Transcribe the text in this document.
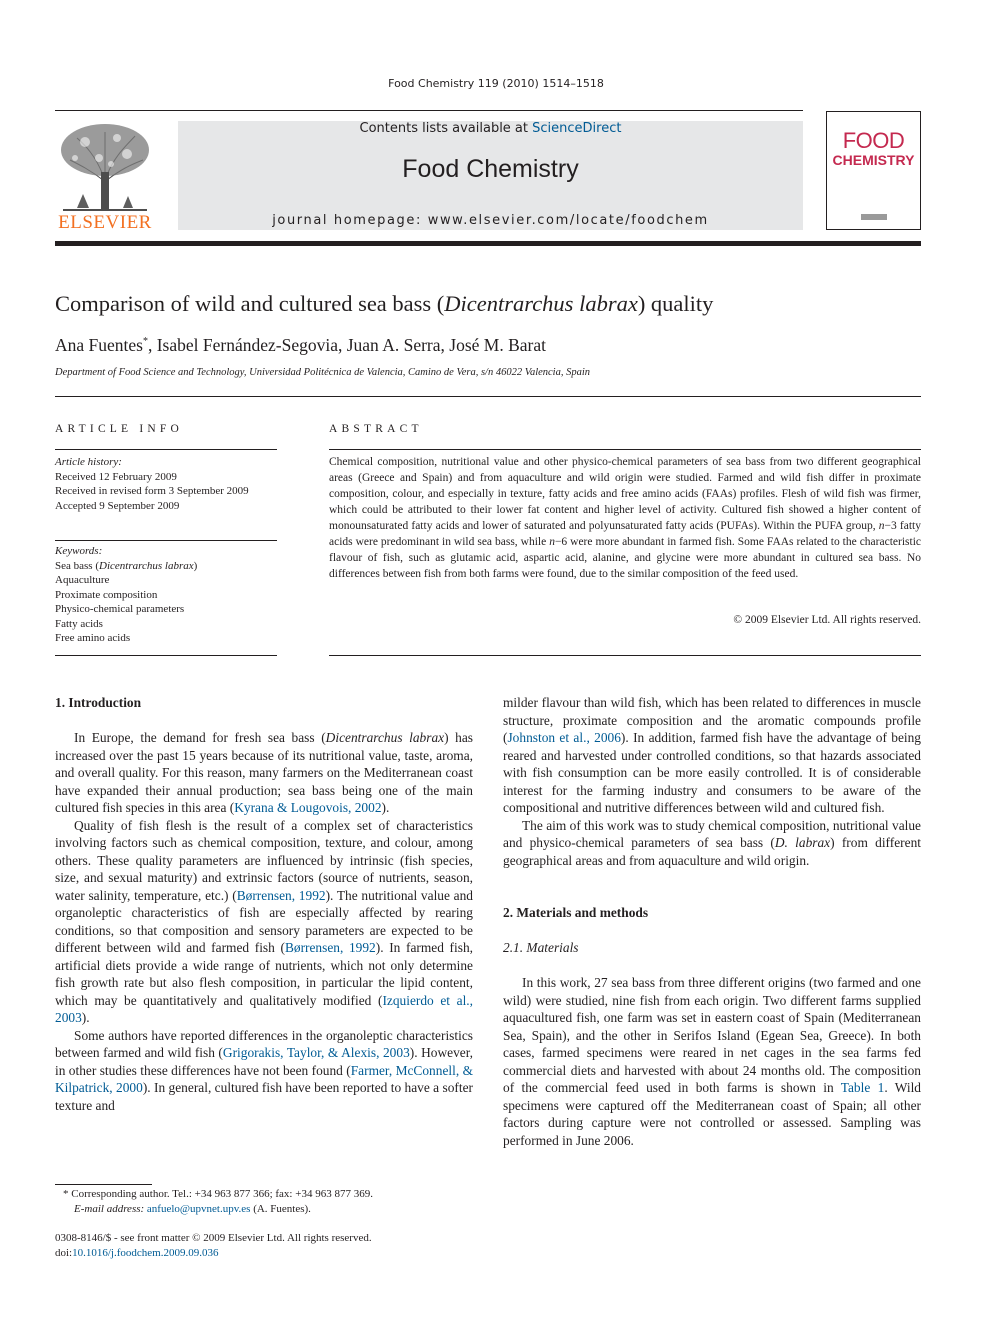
Food Chemistry 119 (2010) 1514–1518
ELSEVIER
Contents lists available at ScienceDirect
Food Chemistry
journal homepage: www.elsevier.com/locate/foodchem
FOOD
CHEMISTRY
Comparison of wild and cultured sea bass (Dicentrarchus labrax) quality
Ana Fuentes*, Isabel Fernández-Segovia, Juan A. Serra, José M. Barat
Department of Food Science and Technology, Universidad Politécnica de Valencia, Camino de Vera, s/n 46022 Valencia, Spain
ARTICLE INFO
Article history:
Received 12 February 2009
Received in revised form 3 September 2009
Accepted 9 September 2009
Keywords:
Sea bass (Dicentrarchus labrax)
Aquaculture
Proximate composition
Physico-chemical parameters
Fatty acids
Free amino acids
ABSTRACT
Chemical composition, nutritional value and other physico-chemical parameters of sea bass from two different geographical areas (Greece and Spain) and from aquaculture and wild origin were studied. Farmed and wild fish differ in proximate composition, colour, and especially in texture, fatty acids and free amino acids (FAAs) profiles. Flesh of wild fish was firmer, which could be attributed to their lower fat content and higher level of activity. Cultured fish showed a higher content of monounsaturated fatty acids and lower of saturated and polyunsaturated fatty acids (PUFAs). Within the PUFA group, n−3 fatty acids were predominant in wild sea bass, while n−6 were more abundant in farmed fish. Some FAAs related to the characteristic flavour of fish, such as glutamic acid, aspartic acid, alanine, and glycine were more abundant in cultured sea bass. No differences between fish from both farms were found, due to the similar composition of the feed used.
© 2009 Elsevier Ltd. All rights reserved.

1. Introduction

In Europe, the demand for fresh sea bass (Dicentrarchus labrax) has increased over the past 15 years because of its nutritional value, taste, aroma, and overall quality. For this reason, many farmers on the Mediterranean coast have expanded their annual production; sea bass being one of the main cultured fish species in this area (Kyrana & Lougovois, 2002).

Quality of fish flesh is the result of a complex set of characteristics involving factors such as chemical composition, texture, and colour, among others. These quality parameters are influenced by intrinsic (fish species, size, and sexual maturity) and extrinsic factors (source of nutrients, season, water salinity, temperature, etc.) (Børrensen, 1992). The nutritional value and organoleptic characteristics of fish are especially affected by rearing conditions, so that composition and sensory parameters are expected to be different between wild and farmed fish (Børrensen, 1992). In farmed fish, artificial diets provide a wide range of nutrients, which not only determine fish growth rate but also flesh composition, in particular the lipid content, which may be quantitatively and qualitatively modified (Izquierdo et al., 2003).

Some authors have reported differences in the organoleptic characteristics between farmed and wild fish (Grigorakis, Taylor, & Alexis, 2003). However, in other studies these differences have not been found (Farmer, McConnell, & Kilpatrick, 2000). In general, cultured fish have been reported to have a softer texture and

* Corresponding author. Tel.: +34 963 877 366; fax: +34 963 877 369.
E-mail address: anfuelo@upvnet.upv.es (A. Fuentes).
0308-8146/$ - see front matter © 2009 Elsevier Ltd. All rights reserved.
doi:10.1016/j.foodchem.2009.09.036

milder flavour than wild fish, which has been related to differences in muscle structure, proximate composition and the aromatic compounds profile (Johnston et al., 2006). In addition, farmed fish have the advantage of being reared and harvested under controlled conditions, so that hazards associated with fish consumption can be more easily controlled. It is of considerable interest for the farming industry and consumers to be aware of the compositional and nutritive differences between wild and cultured fish.

The aim of this work was to study chemical composition, nutritional value and physico-chemical parameters of sea bass (D. labrax) from different geographical areas and from aquaculture and wild origin.

2. Materials and methods

2.1. Materials

In this work, 27 sea bass from three different origins (two farmed and one wild) were studied, nine fish from each origin. Two different farms supplied aquacultured fish, one farm was set in eastern coast of Spain (Mediterranean Sea, Spain), and the other in Serifos Island (Egean Sea, Greece). In both cases, farmed specimens were reared in net cages in the sea farms fed commercial diets and harvested with about 24 months old. The composition of the commercial feed used in both farms is shown in Table 1. Wild specimens were captured off the Mediterranean coast of Spain; all other factors during capture were not controlled or assessed. Sampling was performed in June 2006.
